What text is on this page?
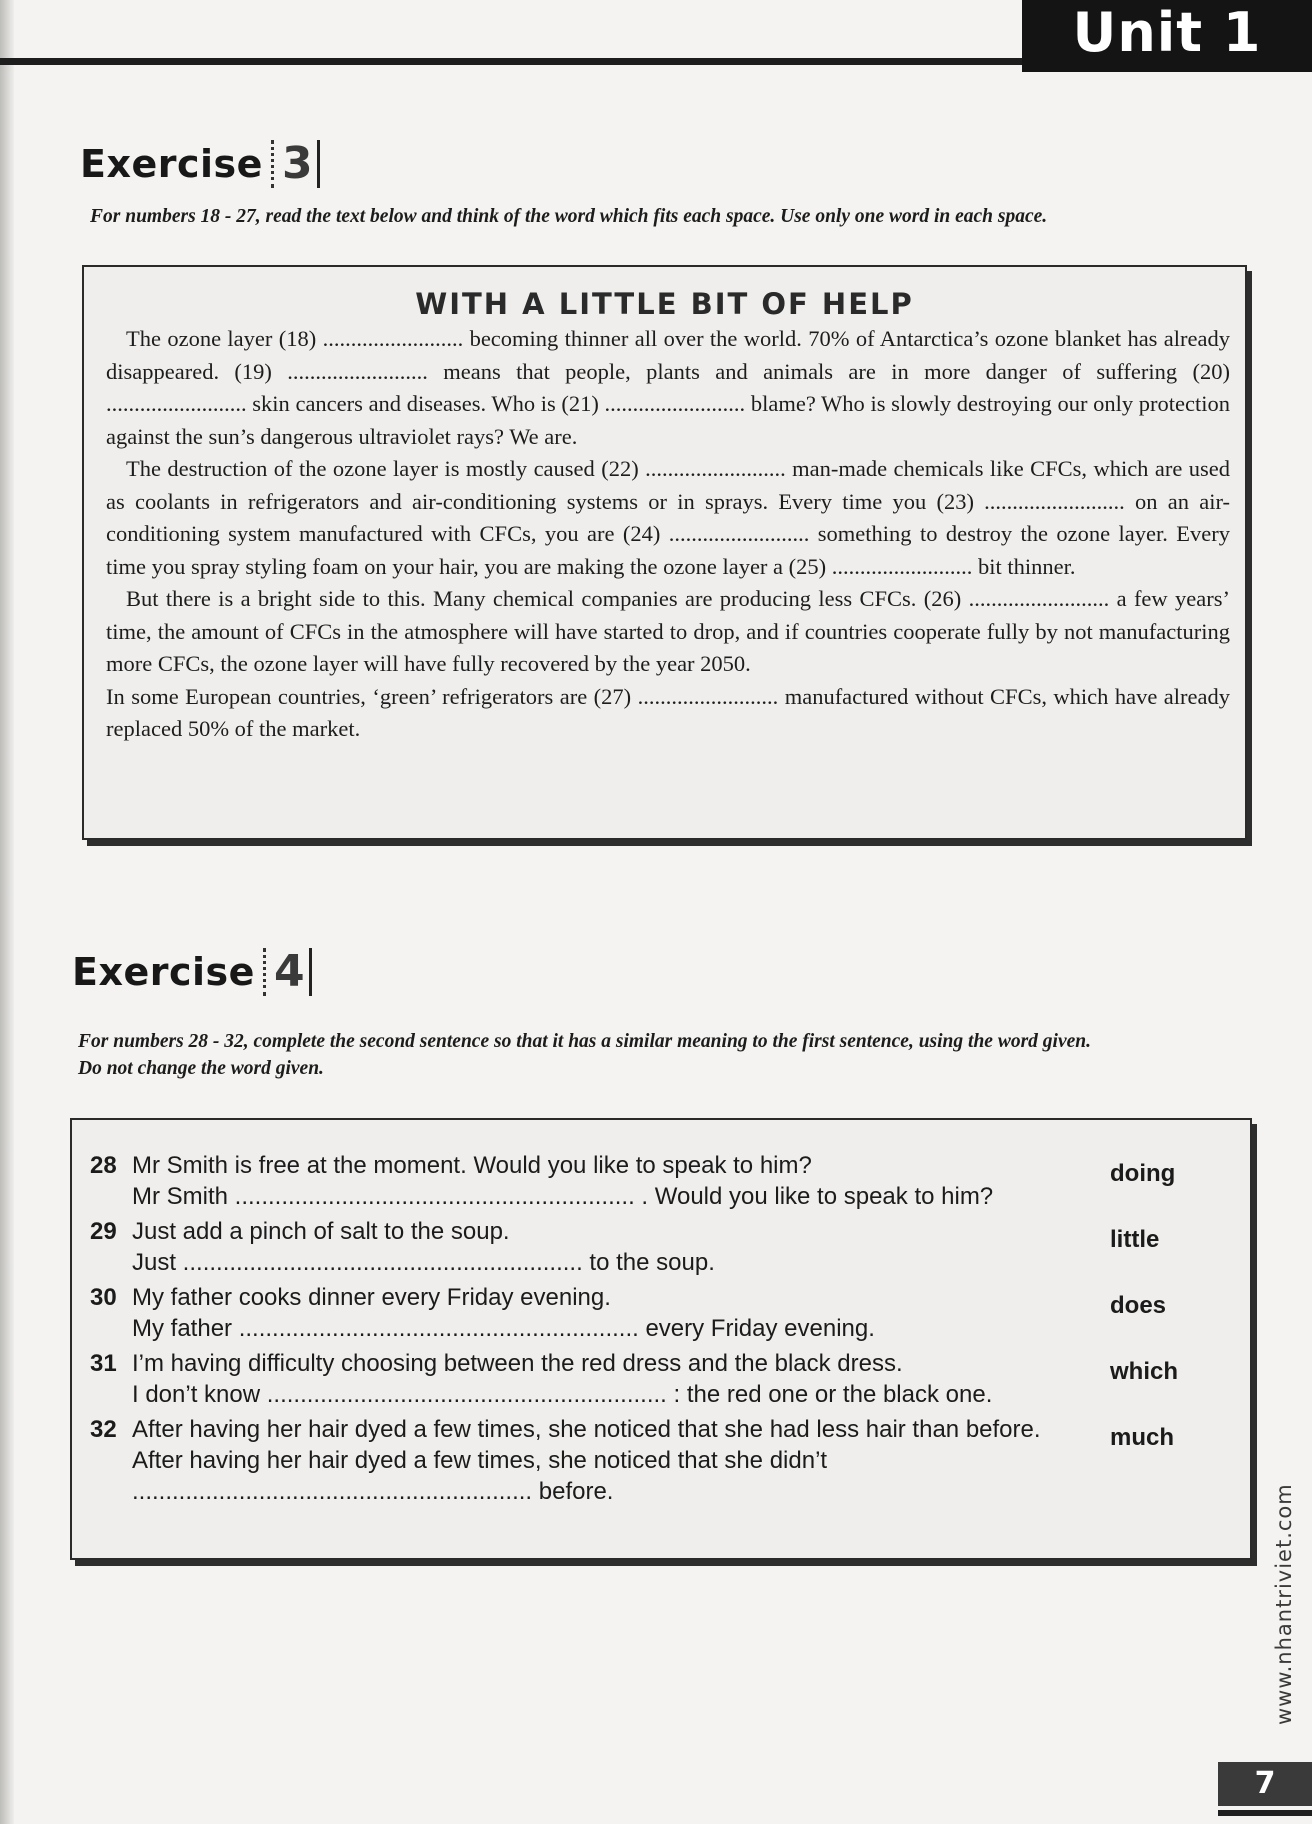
Unit 1
Exercise 3
For numbers 18 - 27, read the text below and think of the word which fits each space. Use only one word in each space.
WITH A LITTLE BIT OF HELP

The ozone layer (18) ......................... becoming thinner all over the world. 70% of Antarctica’s ozone blanket has already disappeared. (19) ......................... means that people, plants and animals are in more danger of suffering (20) ......................... skin cancers and diseases. Who is (21) ......................... blame? Who is slowly destroying our only protection against the sun’s dangerous ultraviolet rays? We are.

The destruction of the ozone layer is mostly caused (22) ......................... man-made chemicals like CFCs, which are used as coolants in refrigerators and air-conditioning systems or in sprays. Every time you (23) ......................... on an air-conditioning system manufactured with CFCs, you are (24) ......................... something to destroy the ozone layer. Every time you spray styling foam on your hair, you are making the ozone layer a (25) ......................... bit thinner.

But there is a bright side to this. Many chemical companies are producing less CFCs. (26) ......................... a few years’ time, the amount of CFCs in the atmosphere will have started to drop, and if countries cooperate fully by not manufacturing more CFCs, the ozone layer will have fully recovered by the year 2050.

In some European countries, ‘green’ refrigerators are (27) ......................... manufactured without CFCs, which have already replaced 50% of the market.

Exercise 4
For numbers 28 - 32, complete the second sentence so that it has a similar meaning to the first sentence, using the word given.
Do not change the word given.
28 Mr Smith is free at the moment. Would you like to speak to him?
Mr Smith ............................................................ . Would you like to speak to him?
doing
29 Just add a pinch of salt to the soup.
Just ............................................................ to the soup.
little
30 My father cooks dinner every Friday evening.
My father ............................................................ every Friday evening.
does
31 I’m having difficulty choosing between the red dress and the black dress.
I don’t know ............................................................ : the red one or the black one.
which
32 After having her hair dyed a few times, she noticed that she had less hair than before.
After having her hair dyed a few times, she noticed that she didn’t
............................................................ before.
much
www.nhantriviet.com
7
